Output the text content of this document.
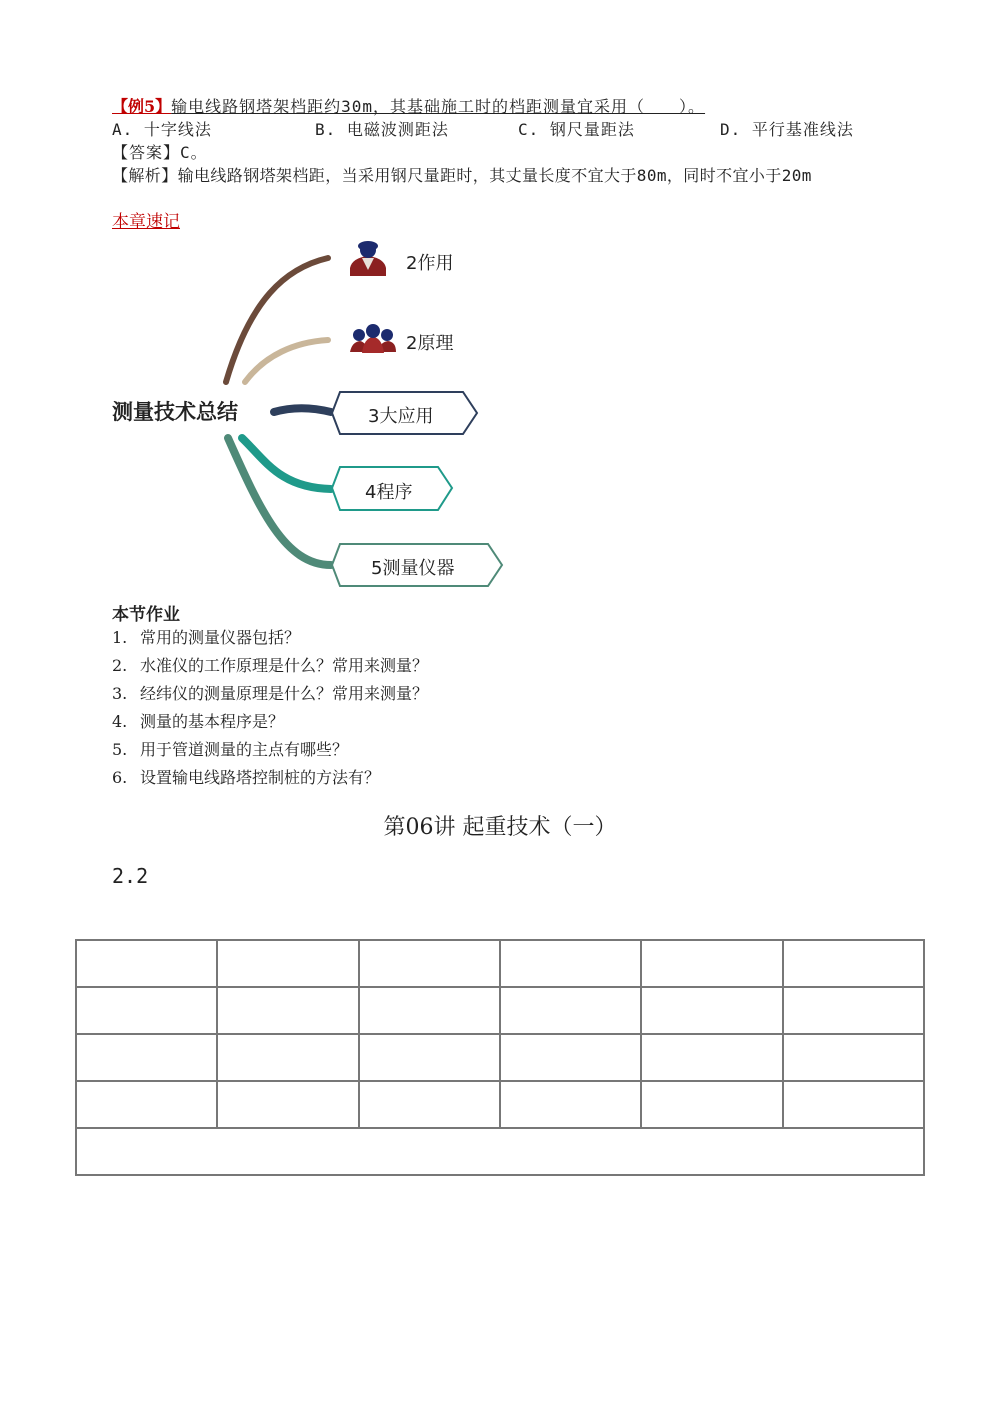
【例5】输电线路钢塔架档距约30m，其基础施工时的档距测量宜采用（　　）。
A. 十字线法	B. 电磁波测距法	C. 钢尺量距法	D. 平行基准线法
【答案】C。
【解析】输电线路钢塔架档距，当采用钢尺量距时，其丈量长度不宜大于80m，同时不宜小于20m
本章速记
测量技术总结
2作用
2原理
3大应用
4程序
5测量仪器
本节作业
1. 常用的测量仪器包括？
2. 水准仪的工作原理是什么？常用来测量？
3. 经纬仪的测量原理是什么？常用来测量？
4. 测量的基本程序是？
5. 用于管道测量的主点有哪些？
6. 设置输电线路塔控制桩的方法有？
第06讲 起重技术（一）
2.2
